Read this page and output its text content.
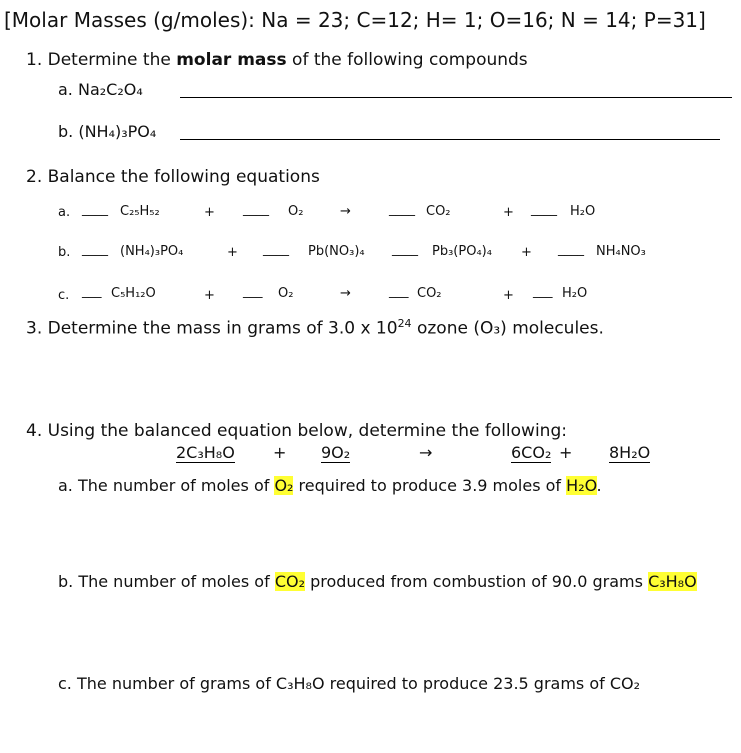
[Molar Masses (g/moles): Na = 23; C=12; H= 1; O=16; N = 14; P=31]
1. Determine the molar mass of the following compounds
a. Na₂C₂O₄
b. (NH₄)₃PO₄
2. Balance the following equations
a. ____ C₂₅H₅₂	+ ____ O₂	→	____ CO₂	+ ____ H₂O
b. ____ (NH₄)₃PO₄	+ ____ Pb(NO₃)₄ ____ Pb₃(PO₄)₄ + ____ NH₄NO₃
c. ___ C₅H₁₂O	+ ___ O₂	→	___ CO₂	+ ___ H₂O
3. Determine the mass in grams of 3.0 x $10^{24}$ ozone (O₃) molecules.
4. Using the balanced equation below, determine the following:
2C₃H₈O + 9O₂	→	6CO₂ + 8H₂O
a. The number of moles of O₂ required to produce 3.9 moles of H₂O.
b. The number of moles of CO₂ produced from combustion of 90.0 grams C₃H₈O
c. The number of grams of C₃H₈O required to produce 23.5 grams of CO₂
